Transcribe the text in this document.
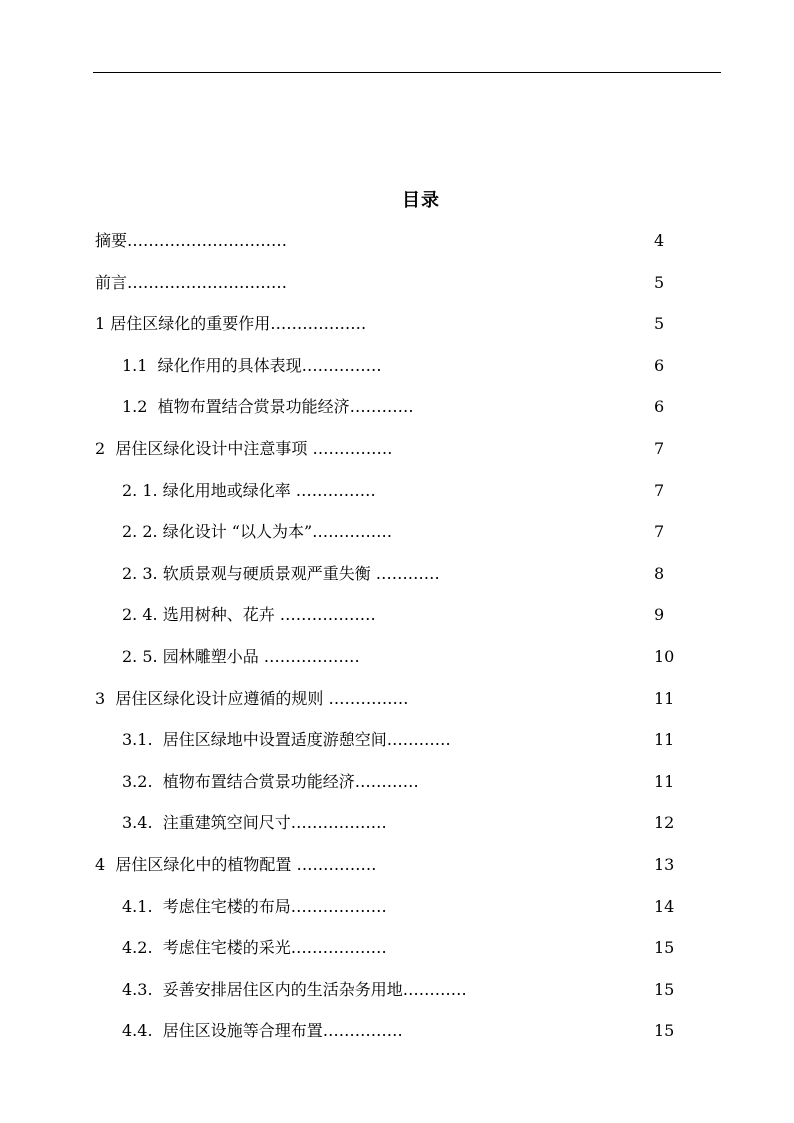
目录
摘要…………………………	4
前言…………………………	5
1 居住区绿化的重要作用………………	5
1.1  绿化作用的具体表现……………	6
1.2  植物布置结合赏景功能经济…………	6
2  居住区绿化设计中注意事项 ……………	7
2. 1. 绿化用地或绿化率 ……………	7
2. 2. 绿化设计 “以人为本”……………	7
2. 3. 软质景观与硬质景观严重失衡 …………	8
2. 4. 选用树种、花卉 ………………	9
2. 5. 园林雕塑小品 ………………	10
3  居住区绿化设计应遵循的规则 ……………	11
3.1.  居住区绿地中设置适度游憩空间…………	11
3.2.  植物布置结合赏景功能经济…………	11
3.4.  注重建筑空间尺寸………………	12
4  居住区绿化中的植物配置 ……………	13
4.1.  考虑住宅楼的布局………………	14
4.2.  考虑住宅楼的采光………………	15
4.3.  妥善安排居住区内的生活杂务用地…………	15
4.4.  居住区设施等合理布置……………	15
